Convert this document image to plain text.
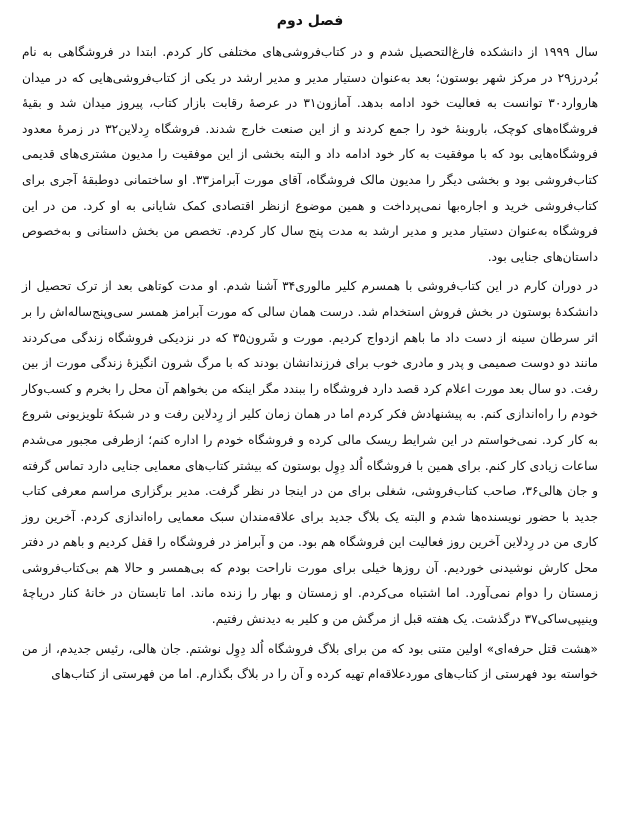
فصل دوم

سال ۱۹۹۹ از دانشکده فارغ‌التحصیل شدم و در کتاب‌فروشی‌های مختلفی کار کردم. ابتدا در فروشگاهی به نام بُردرز۲۹ در مرکز شهر بوستون؛ بعد به‌عنوان دستیار مدیر و مدیر ارشد در یکی از کتاب‌فروشی‌هایی که در میدان هاروارد۳۰ توانست به فعالیت خود ادامه بدهد. آمازون۳۱ در عرصهٔ رقابت بازار کتاب، پیروز میدان شد و بقیهٔ فروشگاه‌های کوچک، بارو‌بنهٔ خود را جمع کردند و از این صنعت خارج شدند. فروشگاه رِدلاین۳۲ در زمرهٔ معدود فروشگاه‌هایی بود که با موفقیت به کار خود ادامه داد و البته بخشی از این موفقیت را مدیون مشتری‌های قدیمی کتاب‌فروشی بود و بخشی دیگر را مدیون مالک فروشگاه، آقای مورت آبرامز۳۳. او ساختمانی دوطبقهٔ آجری برای کتاب‌فروشی خرید و اجاره‌بها نمی‌پرداخت و همین موضوع ازنظر اقتصادی کمک شایانی به او کرد. من در این فروشگاه به‌عنوان دستیار مدیر و مدیر ارشد به مدت پنج سال کار کردم. تخصص من بخش داستانی و به‌خصوص داستان‌های جنایی بود.

در دوران کارم در این کتاب‌فروشی با همسرم کلیر مالوری۳۴ آشنا شدم. او مدت کوتاهی بعد از ترک تحصیل از دانشکدهٔ بوستون در بخش فروش استخدام شد. درست همان سالی که مورت آبرامز همسر سی‌وپنج‌ساله‌اش را بر اثر سرطان سینه از دست داد ما باهم ازدواج کردیم. مورت و شَرون۳۵ که در نزدیکی فروشگاه زندگی می‌کردند مانند دو دوست صمیمی و پدر و مادری خوب برای فرزندانشان بودند که با مرگ شرون انگیزهٔ زندگی مورت از بین رفت. دو سال بعد مورت اعلام کرد قصد دارد فروشگاه را ببندد مگر اینکه من بخواهم آن محل را بخرم و کسب‌وکار خودم را راه‌اندازی کنم. به پیشنهادش فکر کردم اما در همان زمان کلیر از رِدلاین رفت و در شبکهٔ تلویزیونی شروع به کار کرد. نمی‌خواستم در این شرایط ریسک مالی کرده و فروشگاه خودم را اداره کنم؛ ازطرفی مجبور می‌شدم ساعات زیادی کار کنم. برای همین با فروشگاه اُلد دِوِل بوستون که بیشتر کتاب‌های معمایی جنایی دارد تماس گرفته و جان هالی۳۶، صاحب کتاب‌فروشی، شغلی برای من در اینجا در نظر گرفت. مدیر برگزاری مراسم معرفی کتاب جدید با حضور نویسنده‌ها شدم و البته یک بلاگ جدید برای علاقه‌مندان سبک معمایی راه‌اندازی کردم. آخرین روز کاری من در رِدلاین آخرین روز فعالیت این فروشگاه هم بود. من و آبرامز در فروشگاه را قفل کردیم و باهم در دفتر محل کارش نوشیدنی خوردیم. آن روزها خیلی برای مورت ناراحت بودم که بی‌همسر و حالا هم بی‌کتاب‌فروشی زمستان را دوام نمی‌آورد. اما اشتباه می‌کردم. او زمستان و بهار را زنده ماند. اما تابستان در خانهٔ کنار دریاچهٔ وینیپی‌ساکی۳۷ درگذشت. یک هفته قبل از مرگش من و کلیر به دیدنش رفتیم.

«هشت قتل حرفه‌ای» اولین متنی بود که من برای بلاگ فروشگاه اُلد دِوِل نوشتم. جان هالی، رئیس جدیدم، از من خواسته بود فهرستی از کتاب‌های موردعلاقه‌ام تهیه کرده و آن را در بلاگ بگذارم. اما من فهرستی از کتاب‌های
